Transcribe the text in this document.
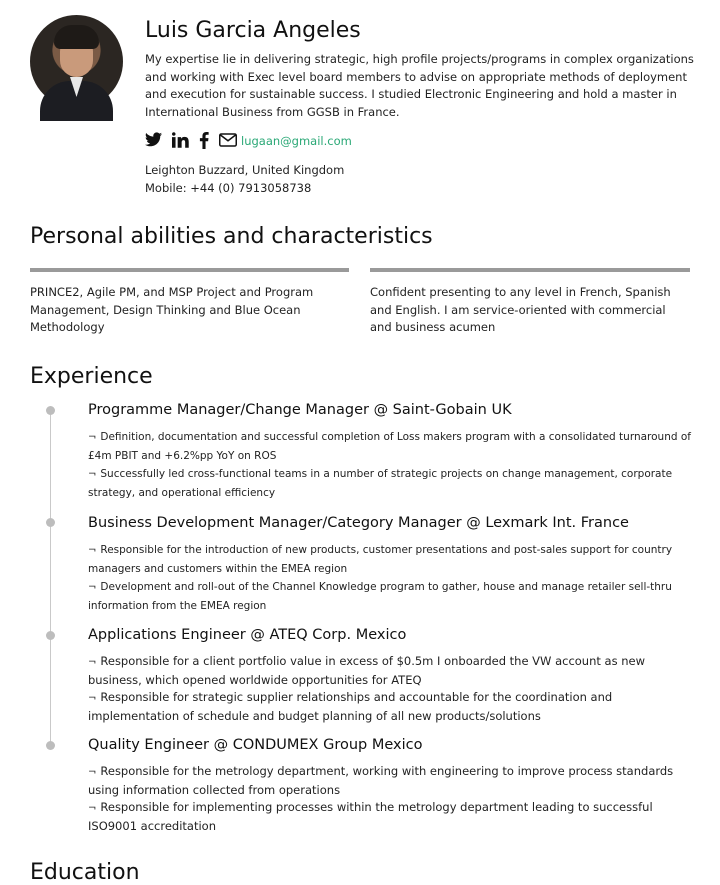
Luis Garcia Angeles

My expertise lie in delivering strategic, high profile projects/programs in complex organizations and working with Exec level board members to advise on appropriate methods of deployment and execution for sustainable success. I studied Electronic Engineering and hold a master in International Business from GGSB in France.

lugaan@gmail.com
Leighton Buzzard, United Kingdom
Mobile: +44 (0) 7913058738
Personal abilities and characteristics

PRINCE2, Agile PM, and MSP Project and Program Management, Design Thinking and Blue Ocean Methodology

Confident presenting to any level in French, Spanish and English. I am service-oriented with commercial and business acumen

Experience
Programme Manager/Change Manager @ Saint-Gobain UK
¬ Definition, documentation and successful completion of Loss makers program with a consolidated turnaround of £4m PBIT and +6.2%pp YoY on ROS
¬ Successfully led cross-functional teams in a number of strategic projects on change management, corporate strategy, and operational efficiency
Business Development Manager/Category Manager @ Lexmark Int. France
¬ Responsible for the introduction of new products, customer presentations and post-sales support for country managers and customers within the EMEA region
¬ Development and roll-out of the Channel Knowledge program to gather, house and manage retailer sell-thru information from the EMEA region
Applications Engineer @ ATEQ Corp. Mexico
¬ Responsible for a client portfolio value in excess of $0.5m I onboarded the VW account as new business, which opened worldwide opportunities for ATEQ
¬ Responsible for strategic supplier relationships and accountable for the coordination and implementation of schedule and budget planning of all new products/solutions
Quality Engineer @ CONDUMEX Group Mexico
¬ Responsible for the metrology department, working with engineering to improve process standards using information collected from operations
¬ Responsible for implementing processes within the metrology department leading to successful ISO9001 accreditation
Education
